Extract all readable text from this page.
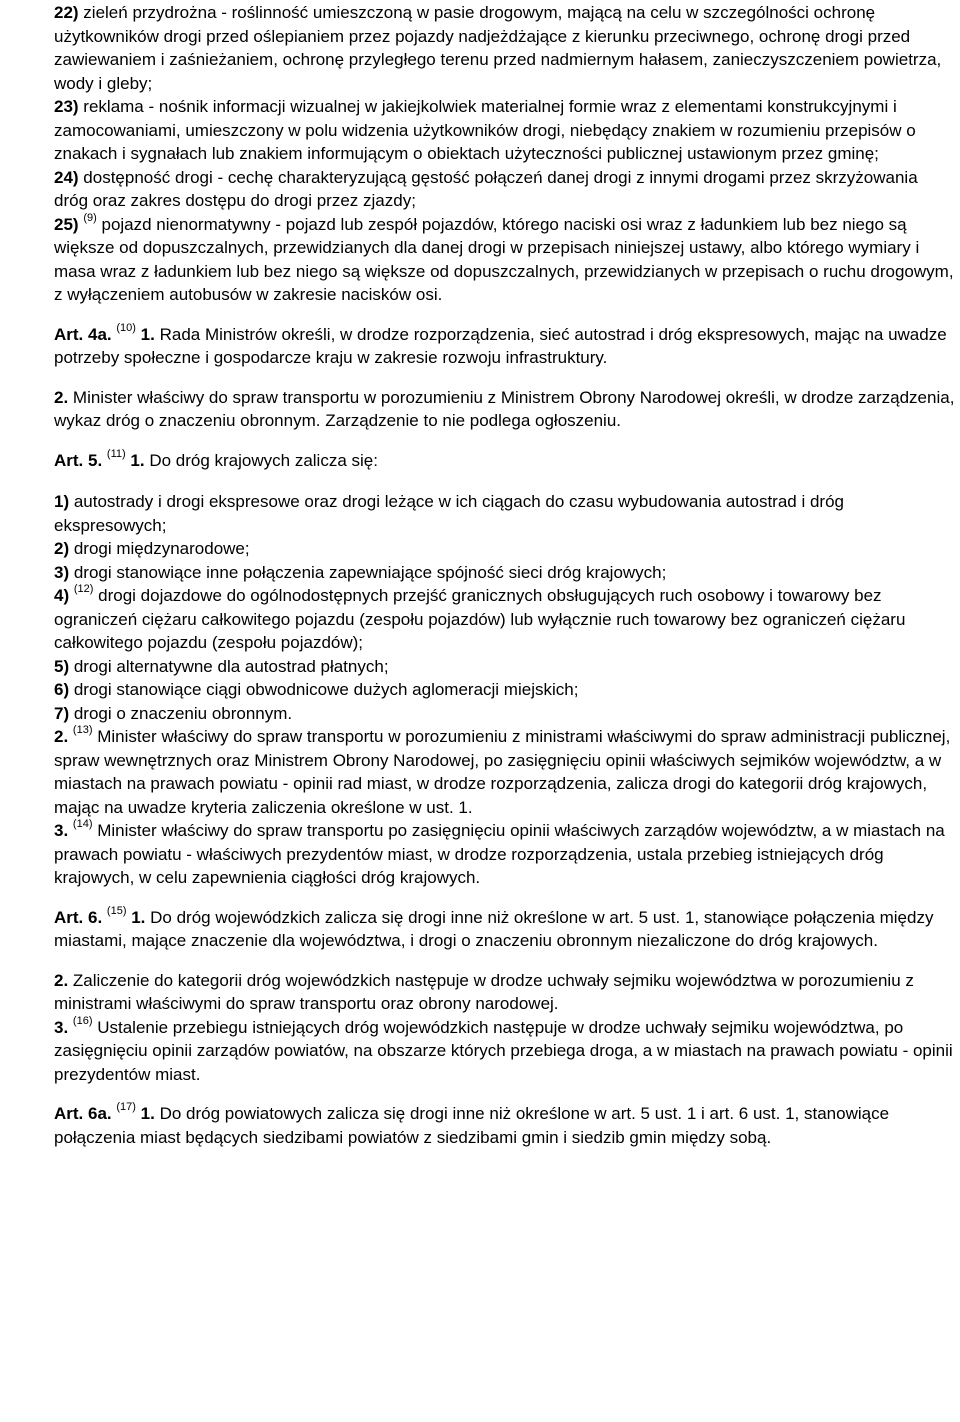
22) zieleń przydrożna - roślinność umieszczoną w pasie drogowym, mającą na celu w szczególności ochronę użytkowników drogi przed oślepianiem przez pojazdy nadjeżdżające z kierunku przeciwnego, ochronę drogi przed zawiewaniem i zaśnieżaniem, ochronę przyległego terenu przed nadmiernym hałasem, zanieczyszczeniem powietrza, wody i gleby;

23) reklama - nośnik informacji wizualnej w jakiejkolwiek materialnej formie wraz z elementami konstrukcyjnymi i zamocowaniami, umieszczony w polu widzenia użytkowników drogi, niebędący znakiem w rozumieniu przepisów o znakach i sygnałach lub znakiem informującym o obiektach użyteczności publicznej ustawionym przez gminę;

24) dostępność drogi - cechę charakteryzującą gęstość połączeń danej drogi z innymi drogami przez skrzyżowania dróg oraz zakres dostępu do drogi przez zjazdy;

25) $^{(9)}$ pojazd nienormatywny - pojazd lub zespół pojazdów, którego naciski osi wraz z ładunkiem lub bez niego są większe od dopuszczalnych, przewidzianych dla danej drogi w przepisach niniejszej ustawy, albo którego wymiary i masa wraz z ładunkiem lub bez niego są większe od dopuszczalnych, przewidzianych w przepisach o ruchu drogowym, z wyłączeniem autobusów w zakresie nacisków osi.

Art. 4a. $^{(10)}$ 1. Rada Ministrów określi, w drodze rozporządzenia, sieć autostrad i dróg ekspresowych, mając na uwadze potrzeby społeczne i gospodarcze kraju w zakresie rozwoju infrastruktury.

2. Minister właściwy do spraw transportu w porozumieniu z Ministrem Obrony Narodowej określi, w drodze zarządzenia, wykaz dróg o znaczeniu obronnym. Zarządzenie to nie podlega ogłoszeniu.

Art. 5. $^{(11)}$ 1. Do dróg krajowych zalicza się:

1) autostrady i drogi ekspresowe oraz drogi leżące w ich ciągach do czasu wybudowania autostrad i dróg ekspresowych;

2) drogi międzynarodowe;

3) drogi stanowiące inne połączenia zapewniające spójność sieci dróg krajowych;

4) $^{(12)}$ drogi dojazdowe do ogólnodostępnych przejść granicznych obsługujących ruch osobowy i towarowy bez ograniczeń ciężaru całkowitego pojazdu (zespołu pojazdów) lub wyłącznie ruch towarowy bez ograniczeń ciężaru całkowitego pojazdu (zespołu pojazdów);

5) drogi alternatywne dla autostrad płatnych;

6) drogi stanowiące ciągi obwodnicowe dużych aglomeracji miejskich;

7) drogi o znaczeniu obronnym.

2. $^{(13)}$ Minister właściwy do spraw transportu w porozumieniu z ministrami właściwymi do spraw administracji publicznej, spraw wewnętrznych oraz Ministrem Obrony Narodowej, po zasięgnięciu opinii właściwych sejmików województw, a w miastach na prawach powiatu - opinii rad miast, w drodze rozporządzenia, zalicza drogi do kategorii dróg krajowych, mając na uwadze kryteria zaliczenia określone w ust. 1.

3. $^{(14)}$ Minister właściwy do spraw transportu po zasięgnięciu opinii właściwych zarządów województw, a w miastach na prawach powiatu - właściwych prezydentów miast, w drodze rozporządzenia, ustala przebieg istniejących dróg krajowych, w celu zapewnienia ciągłości dróg krajowych.

Art. 6. $^{(15)}$ 1. Do dróg wojewódzkich zalicza się drogi inne niż określone w art. 5 ust. 1, stanowiące połączenia między miastami, mające znaczenie dla województwa, i drogi o znaczeniu obronnym niezaliczone do dróg krajowych.

2. Zaliczenie do kategorii dróg wojewódzkich następuje w drodze uchwały sejmiku województwa w porozumieniu z ministrami właściwymi do spraw transportu oraz obrony narodowej.

3. $^{(16)}$ Ustalenie przebiegu istniejących dróg wojewódzkich następuje w drodze uchwały sejmiku województwa, po zasięgnięciu opinii zarządów powiatów, na obszarze których przebiega droga, a w miastach na prawach powiatu - opinii prezydentów miast.

Art. 6a. $^{(17)}$ 1. Do dróg powiatowych zalicza się drogi inne niż określone w art. 5 ust. 1 i art. 6 ust. 1, stanowiące połączenia miast będących siedzibami powiatów z siedzibami gmin i siedzib gmin między sobą.
